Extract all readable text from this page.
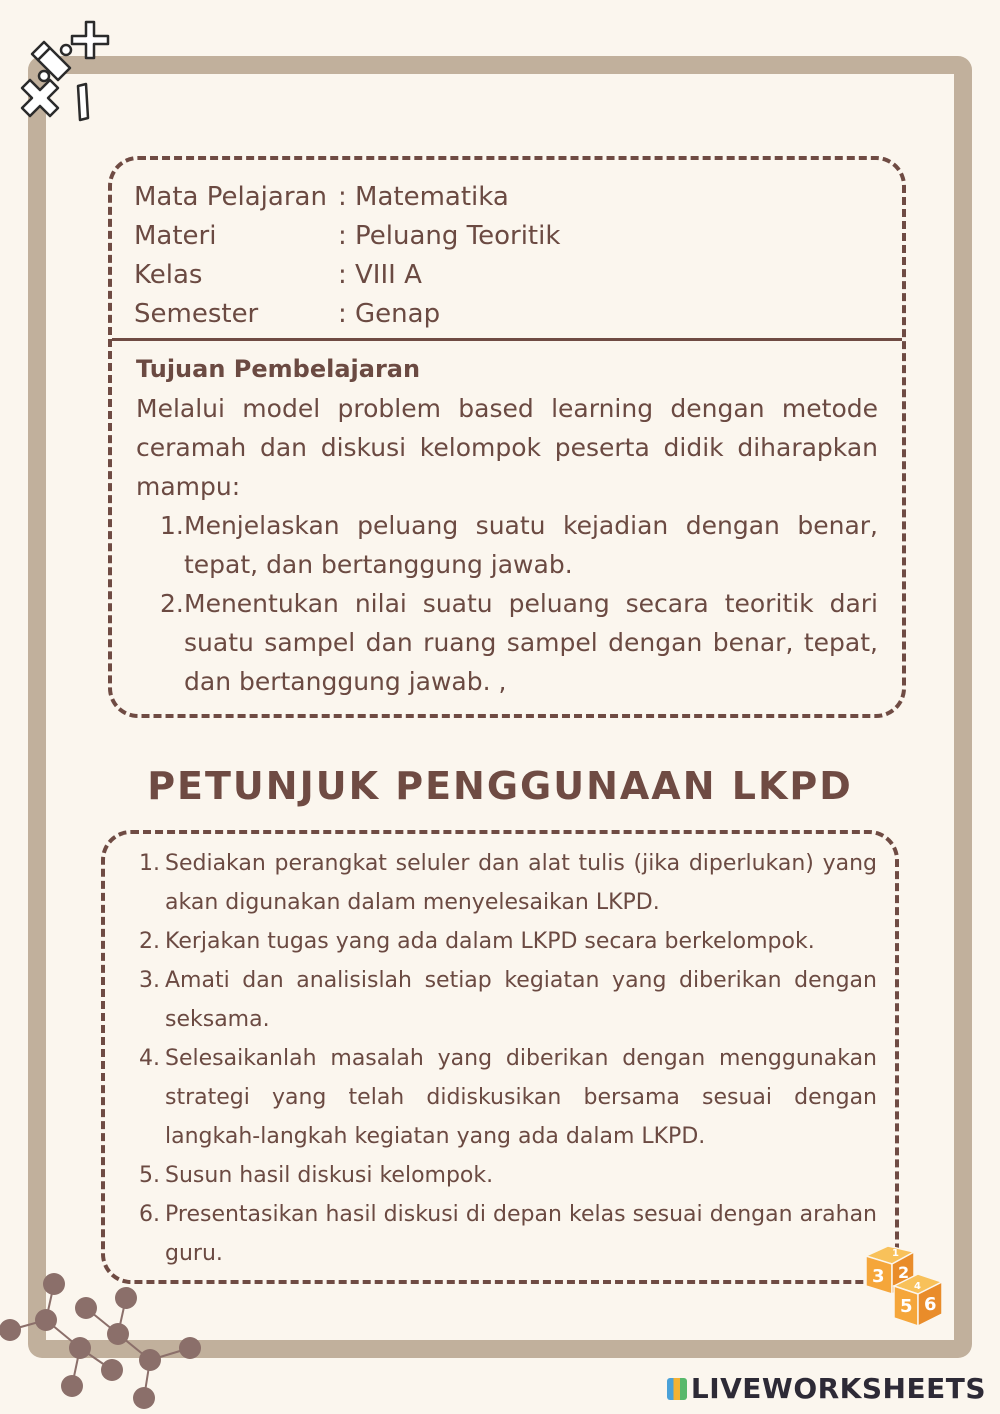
Mata Pelajaran : Matematika
Materi	: Peluang Teoritik
Kelas	: VIII A
Semester	: Genap
Tujuan Pembelajaran
Melalui model problem based learning dengan metode ceramah dan diskusi kelompok peserta didik diharapkan mampu:
1. Menjelaskan peluang suatu kejadian dengan benar, tepat, dan bertanggung jawab.
2. Menentukan nilai suatu peluang secara teoritik dari suatu sampel dan ruang sampel dengan benar, tepat, dan bertanggung jawab. ,
PETUNJUK PENGGUNAAN LKPD
1. Sediakan perangkat seluler dan alat tulis (jika diperlukan) yang akan digunakan dalam menyelesaikan LKPD.
2. Kerjakan tugas yang ada dalam LKPD secara berkelompok.
3. Amati dan analisislah setiap kegiatan yang diberikan dengan seksama.
4. Selesaikanlah masalah yang diberikan dengan menggunakan strategi yang telah didiskusikan bersama sesuai dengan langkah-langkah kegiatan yang ada dalam LKPD.
5. Susun hasil diskusi kelompok.
6. Presentasikan hasil diskusi di depan kelas sesuai dengan arahan guru.
3 2
1
5 6
4
LIVEWORKSHEETS
